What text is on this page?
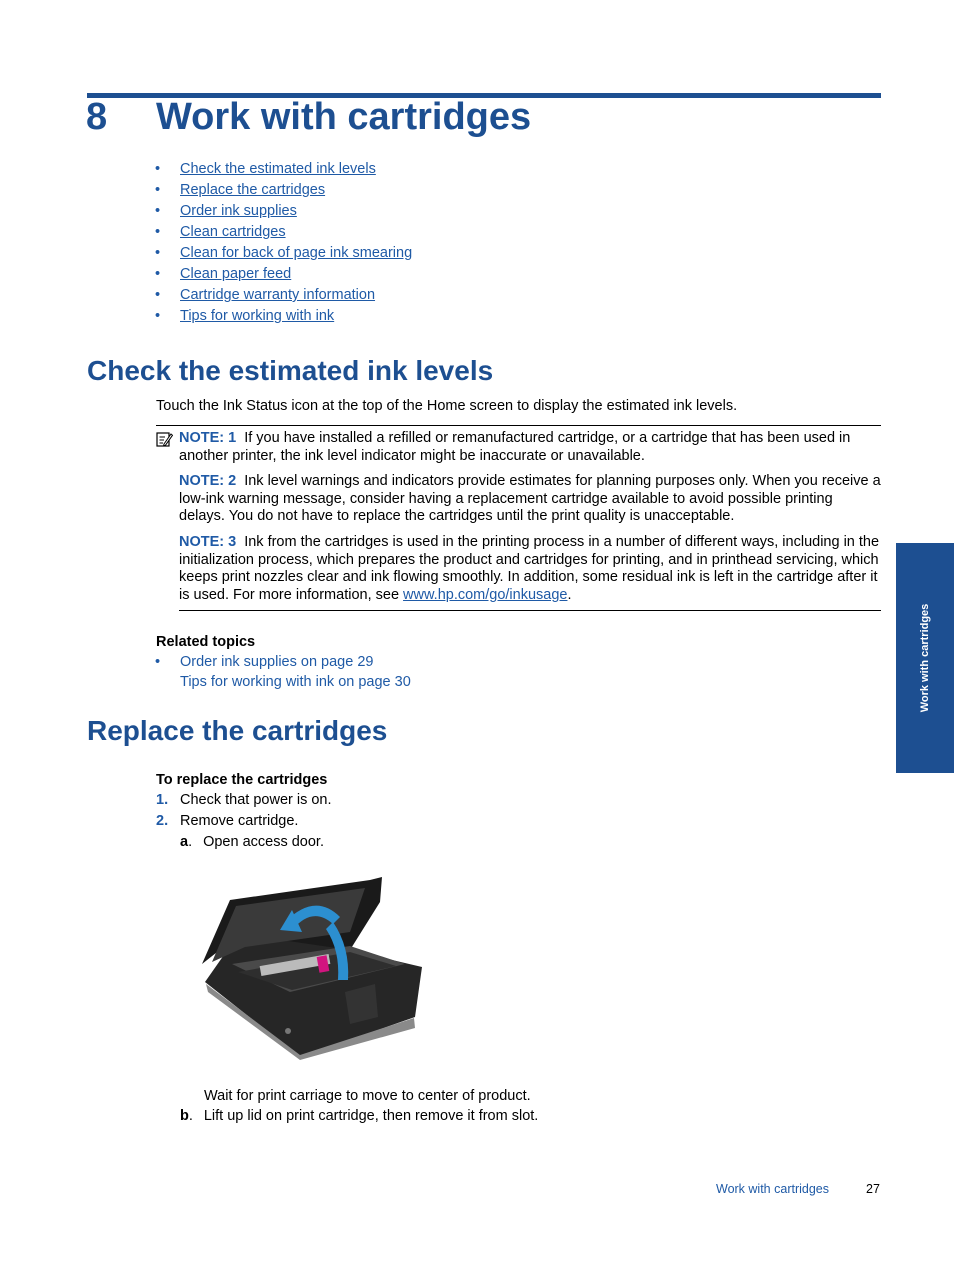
8 Work with cartridges
• Check the estimated ink levels
• Replace the cartridges
• Order ink supplies
• Clean cartridges
• Clean for back of page ink smearing
• Clean paper feed
• Cartridge warranty information
• Tips for working with ink
Check the estimated ink levels
Touch the Ink Status icon at the top of the Home screen to display the estimated ink levels.
NOTE: 1 If you have installed a refilled or remanufactured cartridge, or a cartridge that has been used in another printer, the ink level indicator might be inaccurate or unavailable.
NOTE: 2 Ink level warnings and indicators provide estimates for planning purposes only. When you receive a low-ink warning message, consider having a replacement cartridge available to avoid possible printing delays. You do not have to replace the cartridges until the print quality is unacceptable.
NOTE: 3 Ink from the cartridges is used in the printing process in a number of different ways, including in the initialization process, which prepares the product and cartridges for printing, and in printhead servicing, which keeps print nozzles clear and ink flowing smoothly. In addition, some residual ink is left in the cartridge after it is used. For more information, see www.hp.com/go/inkusage.
Related topics
• Order ink supplies on page 29
Tips for working with ink on page 30
Replace the cartridges
To replace the cartridges
1. Check that power is on.
2. Remove cartridge.
a. Open access door.
Wait for print carriage to move to center of product.
b. Lift up lid on print cartridge, then remove it from slot.
Work with cartridges
Work with cartridges	27
